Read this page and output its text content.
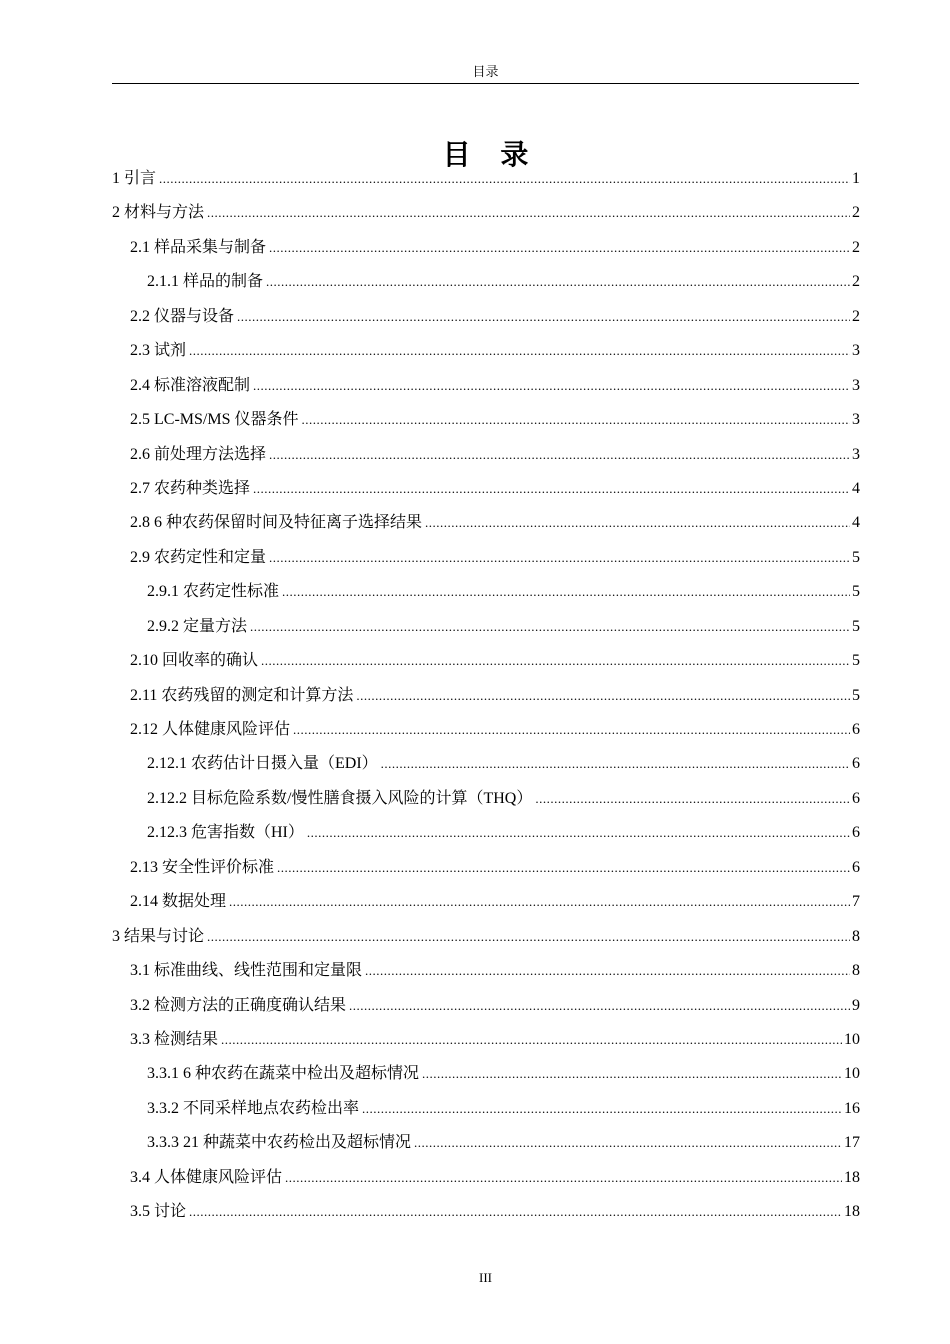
目录
目 录
1 引言 .....	1
2 材料与方法 .....	2
2.1 样品采集与制备 .....	2
2.1.1 样品的制备 .....	2
2.2 仪器与设备 .....	2
2.3 试剂 .....	3
2.4 标准溶液配制 .....	3
2.5 LC-MS/MS 仪器条件 .....	3
2.6 前处理方法选择 .....	3
2.7 农药种类选择 .....	4
2.8 6 种农药保留时间及特征离子选择结果 .....	4
2.9 农药定性和定量 .....	5
2.9.1 农药定性标准 .....	5
2.9.2 定量方法 .....	5
2.10 回收率的确认 .....	5
2.11 农药残留的测定和计算方法 .....	5
2.12 人体健康风险评估 .....	6
2.12.1 农药估计日摄入量（EDI） .....	6
2.12.2 目标危险系数/慢性膳食摄入风险的计算（THQ） .....	6
2.12.3 危害指数（HI） .....	6
2.13 安全性评价标准 .....	6
2.14 数据处理 .....	7
3 结果与讨论 .....	8
3.1 标准曲线、线性范围和定量限 .....	8
3.2 检测方法的正确度确认结果 .....	9
3.3 检测结果 .....	10
3.3.1 6 种农药在蔬菜中检出及超标情况 .....	10
3.3.2 不同采样地点农药检出率 .....	16
3.3.3 21 种蔬菜中农药检出及超标情况 .....	17
3.4 人体健康风险评估 .....	18
3.5 讨论 .....	18
III
